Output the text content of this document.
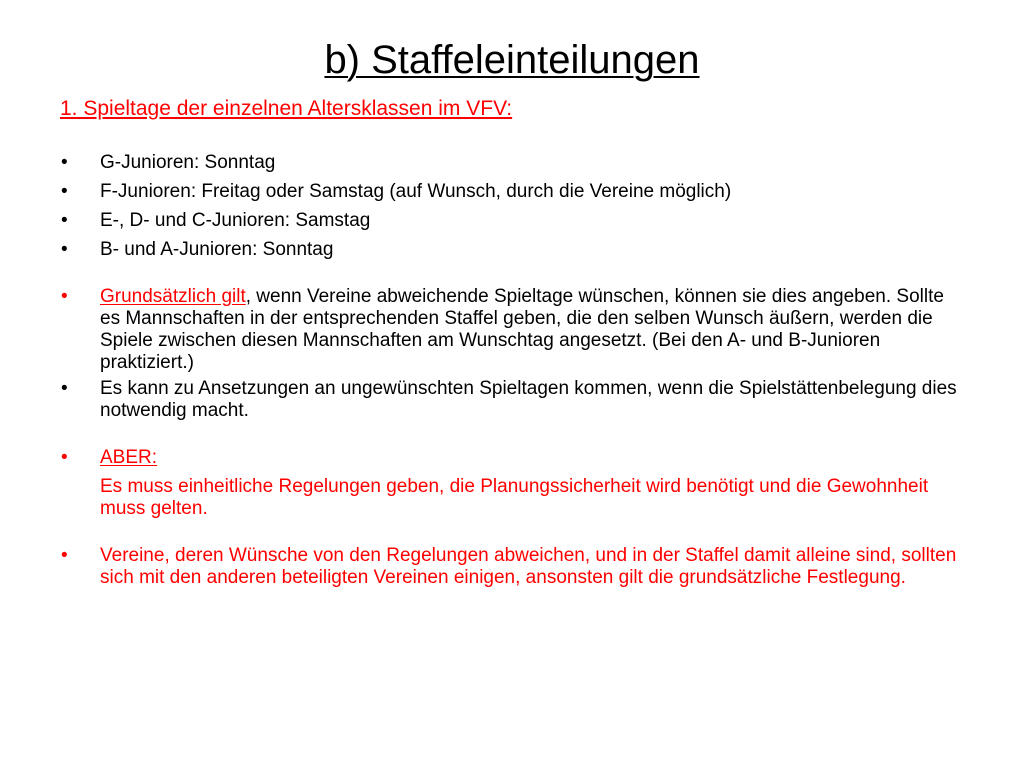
b) Staffeleinteilungen
1. Spieltage der einzelnen Altersklassen im VFV:
•	G-Junioren: Sonntag
•	F-Junioren: Freitag oder Samstag (auf Wunsch, durch die Vereine möglich)
•	E-, D- und C-Junioren: Samstag
•	B- und A-Junioren: Sonntag
•	Grundsätzlich gilt, wenn Vereine abweichende Spieltage wünschen, können sie dies angeben. Sollte es Mannschaften in der entsprechenden Staffel geben, die den selben Wunsch äußern, werden die Spiele zwischen diesen Mannschaften am Wunschtag angesetzt. (Bei den A- und B-Junioren praktiziert.)
•	Es kann zu Ansetzungen an ungewünschten Spieltagen kommen, wenn die Spielstättenbelegung dies notwendig macht.
•	ABER:
Es muss einheitliche Regelungen geben, die Planungssicherheit wird benötigt und die Gewohnheit muss gelten.
•	Vereine, deren Wünsche von den Regelungen abweichen, und in der Staffel damit alleine sind, sollten sich mit den anderen beteiligten Vereinen einigen, ansonsten gilt die grundsätzliche Festlegung.
